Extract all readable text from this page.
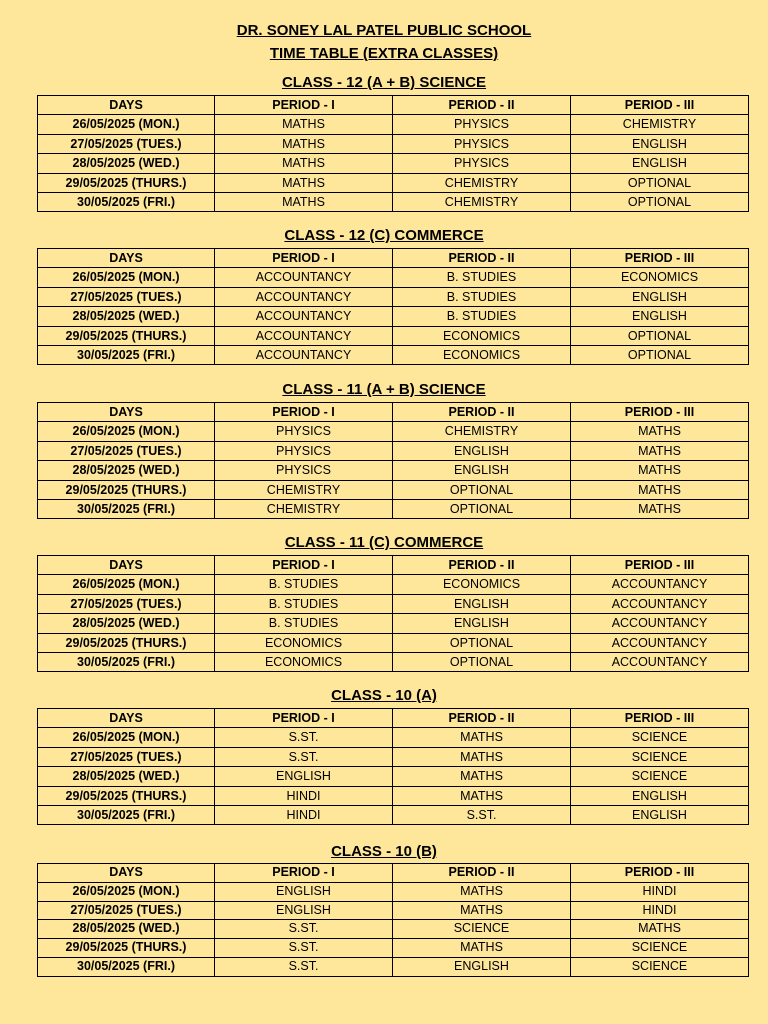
DR. SONEY LAL PATEL PUBLIC SCHOOL
TIME TABLE (EXTRA CLASSES)
CLASS - 12 (A + B) SCIENCE
DAYS	PERIOD - I	PERIOD - II	PERIOD - III
26/05/2025 (MON.)	MATHS	PHYSICS	CHEMISTRY
27/05/2025 (TUES.)	MATHS	PHYSICS	ENGLISH
28/05/2025 (WED.)	MATHS	PHYSICS	ENGLISH
29/05/2025 (THURS.)	MATHS	CHEMISTRY	OPTIONAL
30/05/2025 (FRI.)	MATHS	CHEMISTRY	OPTIONAL
CLASS - 12 (C) COMMERCE
DAYS	PERIOD - I	PERIOD - II	PERIOD - III
26/05/2025 (MON.)	ACCOUNTANCY	B. STUDIES	ECONOMICS
27/05/2025 (TUES.)	ACCOUNTANCY	B. STUDIES	ENGLISH
28/05/2025 (WED.)	ACCOUNTANCY	B. STUDIES	ENGLISH
29/05/2025 (THURS.)	ACCOUNTANCY	ECONOMICS	OPTIONAL
30/05/2025 (FRI.)	ACCOUNTANCY	ECONOMICS	OPTIONAL
CLASS - 11 (A + B) SCIENCE
DAYS	PERIOD - I	PERIOD - II	PERIOD - III
26/05/2025 (MON.)	PHYSICS	CHEMISTRY	MATHS
27/05/2025 (TUES.)	PHYSICS	ENGLISH	MATHS
28/05/2025 (WED.)	PHYSICS	ENGLISH	MATHS
29/05/2025 (THURS.)	CHEMISTRY	OPTIONAL	MATHS
30/05/2025 (FRI.)	CHEMISTRY	OPTIONAL	MATHS
CLASS - 11 (C) COMMERCE
DAYS	PERIOD - I	PERIOD - II	PERIOD - III
26/05/2025 (MON.)	B. STUDIES	ECONOMICS	ACCOUNTANCY
27/05/2025 (TUES.)	B. STUDIES	ENGLISH	ACCOUNTANCY
28/05/2025 (WED.)	B. STUDIES	ENGLISH	ACCOUNTANCY
29/05/2025 (THURS.)	ECONOMICS	OPTIONAL	ACCOUNTANCY
30/05/2025 (FRI.)	ECONOMICS	OPTIONAL	ACCOUNTANCY
CLASS - 10 (A)
DAYS	PERIOD - I	PERIOD - II	PERIOD - III
26/05/2025 (MON.)	S.ST.	MATHS	SCIENCE
27/05/2025 (TUES.)	S.ST.	MATHS	SCIENCE
28/05/2025 (WED.)	ENGLISH	MATHS	SCIENCE
29/05/2025 (THURS.)	HINDI	MATHS	ENGLISH
30/05/2025 (FRI.)	HINDI	S.ST.	ENGLISH
CLASS - 10 (B)
DAYS	PERIOD - I	PERIOD - II	PERIOD - III
26/05/2025 (MON.)	ENGLISH	MATHS	HINDI
27/05/2025 (TUES.)	ENGLISH	MATHS	HINDI
28/05/2025 (WED.)	S.ST.	SCIENCE	MATHS
29/05/2025 (THURS.)	S.ST.	MATHS	SCIENCE
30/05/2025 (FRI.)	S.ST.	ENGLISH	SCIENCE
